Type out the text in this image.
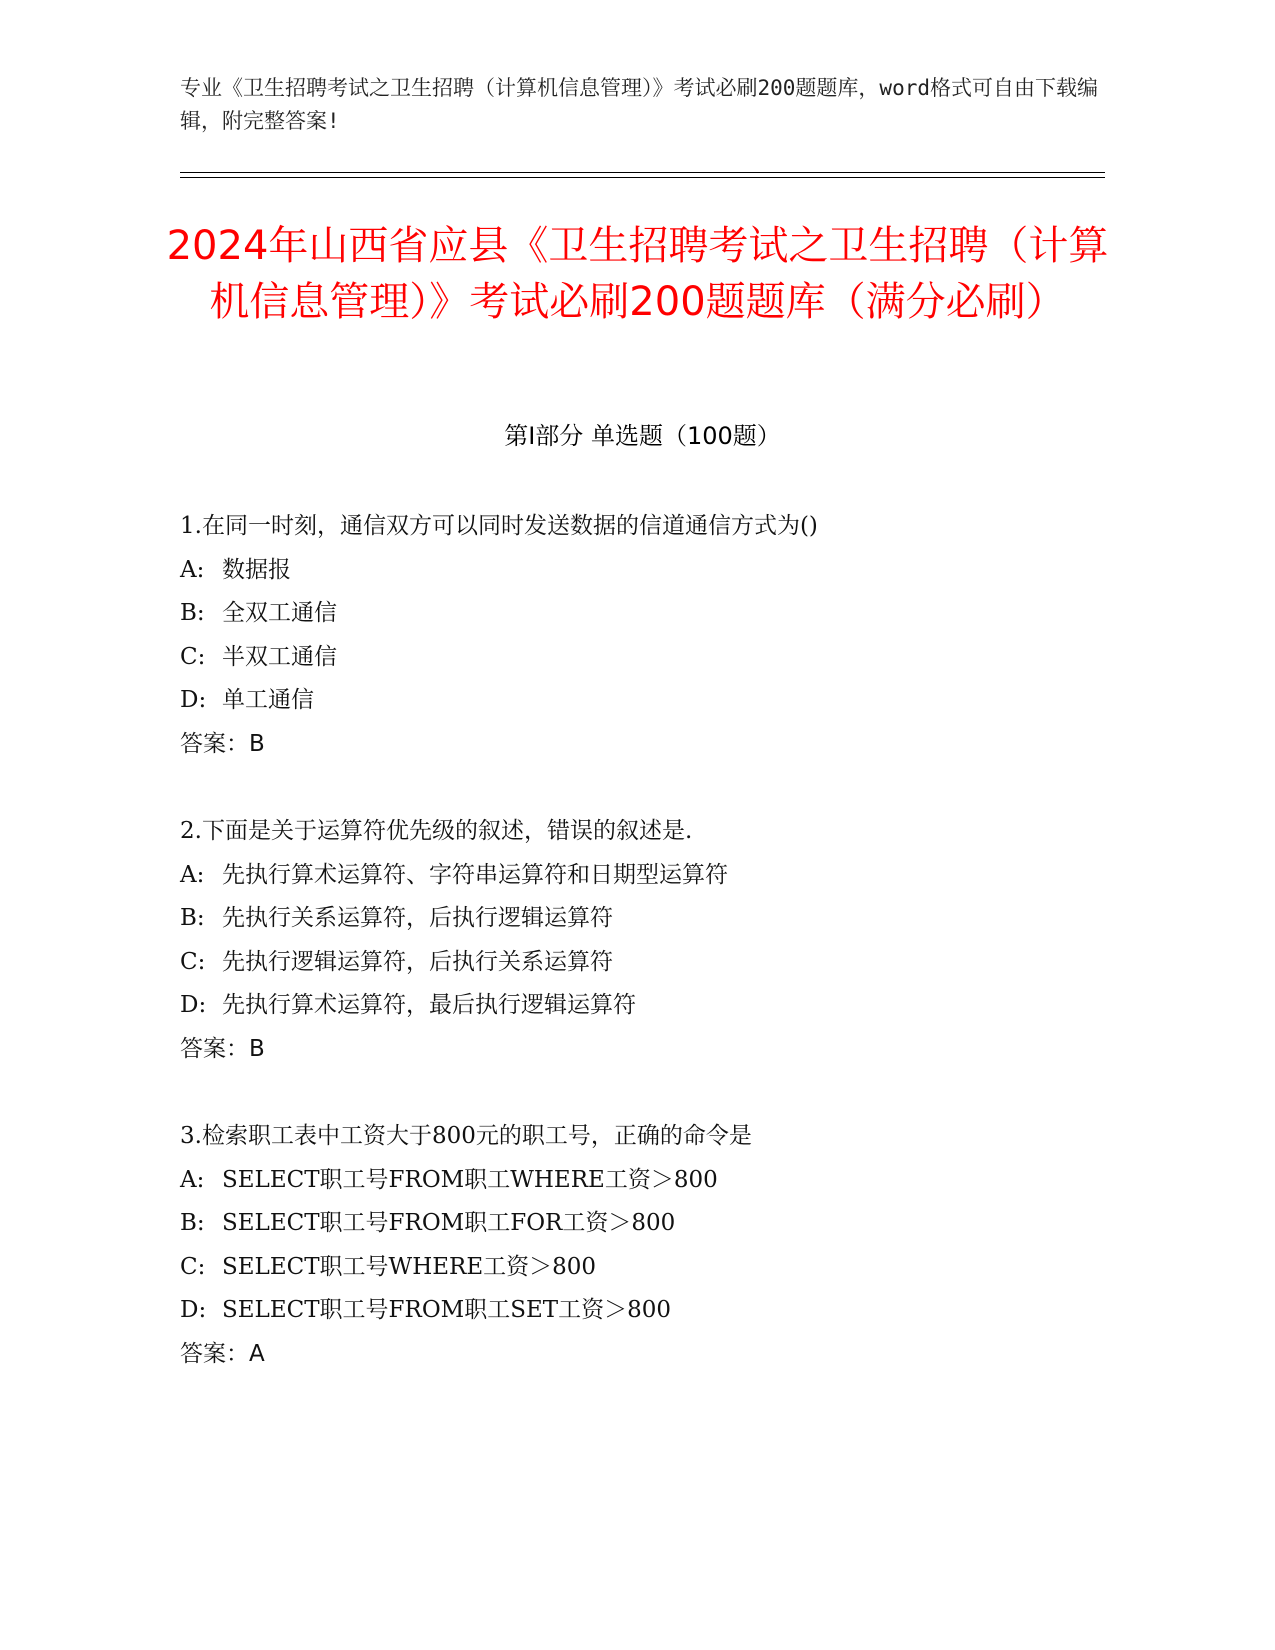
专业《卫生招聘考试之卫生招聘（计算机信息管理）》考试必刷200题题库，word格式可自由下载编辑，附完整答案!
2024年山西省应县《卫生招聘考试之卫生招聘（计算机信息管理）》考试必刷200题题库（满分必刷）
第I部分 单选题（100题）
1.在同一时刻，通信双方可以同时发送数据的信道通信方式为()
A: 数据报
B: 全双工通信
C: 半双工通信
D: 单工通信
答案：B
2.下面是关于运算符优先级的叙述，错误的叙述是.
A: 先执行算术运算符、字符串运算符和日期型运算符
B: 先执行关系运算符，后执行逻辑运算符
C: 先执行逻辑运算符，后执行关系运算符
D: 先执行算术运算符，最后执行逻辑运算符
答案：B
3.检索职工表中工资大于800元的职工号，正确的命令是
A: SELECT职工号FROM职工WHERE工资＞800
B: SELECT职工号FROM职工FOR工资＞800
C: SELECT职工号WHERE工资＞800
D: SELECT职工号FROM职工SET工资＞800
答案：A
